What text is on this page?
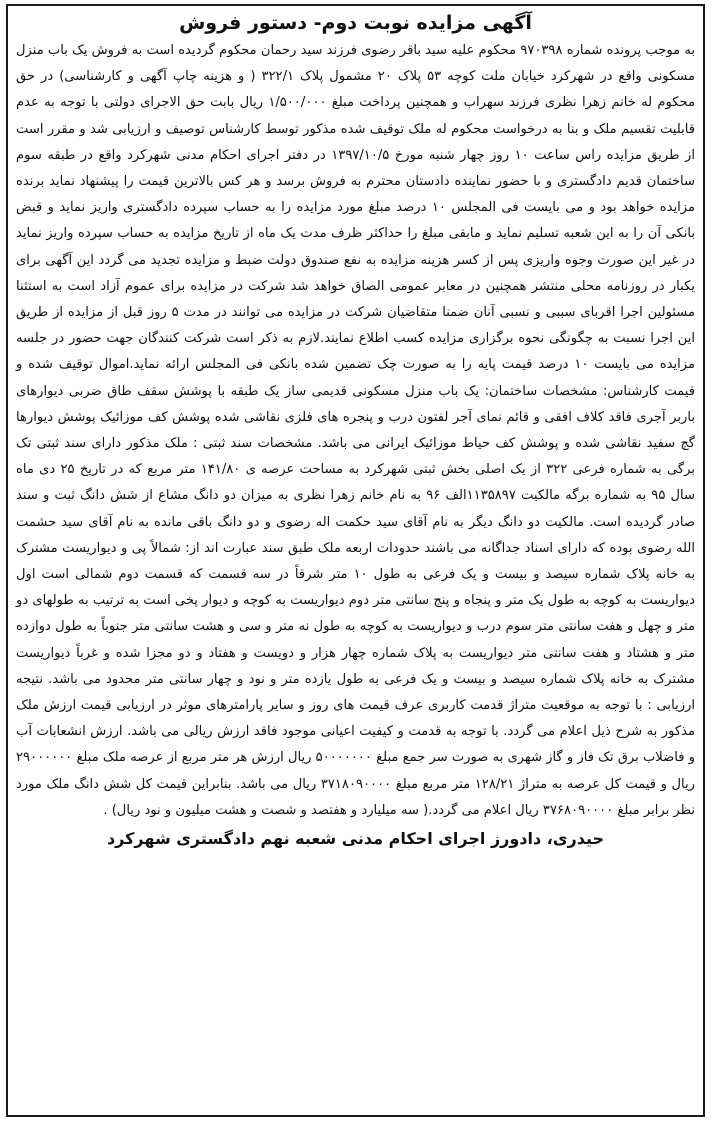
آگهی مزایده نوبت دوم- دستور فروش

به موجب پرونده شماره ۹۷۰۳۹۸ محکوم علیه سید باقر رضوی فرزند سید رحمان محکوم گردیده است به فروش یک باب منزل مسکونی واقع در شهرکرد خیابان ملت کوچه ۵۳ پلاک ۲۰ مشمول پلاک ۳۲۲/۱ ( و هزینه چاپ آگهی و کارشناسی) در حق محکوم له خانم زهرا نظری فرزند سهراب و همچنین پرداخت مبلغ ۱/۵۰۰/۰۰۰ ریال بابت حق الاجرای دولتی با توجه به عدم قابلیت تقسیم ملک و بنا به درخواست محکوم له ملک توقیف شده مذکور توسط کارشناس توصیف و ارزیابی شد و مقرر است از طریق مزایده راس ساعت ۱۰ روز چهار شنبه مورخ ۱۳۹۷/۱۰/۵ در دفتر اجرای احکام مدنی شهرکرد واقع در طبقه سوم ساختمان قدیم دادگستری و با حضور نماینده دادستان محترم به فروش برسد و هر کس بالاترین قیمت را پیشنهاد نماید برنده مزایده خواهد بود و می بایست فی المجلس ۱۰ درصد مبلغ مورد مزایده را به حساب سپرده دادگستری واریز نماید و قبض بانکی آن را به این شعبه تسلیم نماید و مابقی مبلغ را حداکثر ظرف مدت یک ماه از تاریخ مزایده به حساب سپرده واریز نماید در غیر این صورت وجوه واریزی پس از کسر هزینه مزایده به نفع صندوق دولت ضبط و مزایده تجدید می گردد این آگهی برای یکبار در روزنامه محلی منتشر همچنین در معابر عمومی الصاق خواهد شد شرکت در مزایده برای عموم آزاد است به استثنا مسئولین اجرا اقربای سببی و نسبی آنان ضمنا متقاضیان شرکت در مزایده می توانند در مدت ۵ روز قبل از مزایده از طریق این اجرا نسبت به چگونگی نحوه برگزاری مزایده کسب اطلاع نمایند.لازم به ذکر است شرکت کنندگان جهت حضور در جلسه مزایده می بایست ۱۰ درصد قیمت پایه را به صورت چک تضمین شده بانکی فی المجلس ارائه نماید.اموال توقیف شده و قیمت کارشناس: مشخصات ساختمان: یک باب منزل مسکونی قدیمی ساز یک طبقه با پوشش سقف طاق ضربی دیوارهای باربر آجری فاقد کلاف افقی و قائم نمای آجر لفتون درب و پنجره های فلزی نقاشی شده پوشش کف موزائیک پوشش دیوارها گچ سفید نقاشی شده و پوشش کف حیاط موزائیک ایرانی می باشد. مشخصات سند ثبتی : ملک مذکور دارای سند ثبتی تک برگی به شماره فرعی ۳۲۲ از یک اصلی بخش ثبتی شهرکرد به مساحت عرصه ی ۱۴۱/۸۰ متر مربع که در تاریخ ۲۵ دی ماه سال ۹۵ به شماره برگه مالکیت ۱۱۳۵۸۹۷الف ۹۶ به نام خانم زهرا نظری به میزان دو دانگ مشاع از شش دانگ ثبت و سند صادر گردیده است. مالکیت دو دانگ دیگر به نام آقای سید حکمت اله رضوی و دو دانگ باقی مانده به نام آقای سید حشمت الله رضوی بوده که دارای اسناد جداگانه می باشند حدودات اربعه ملک طبق سند عبارت اند از: شمالاً پی و دیواریست مشترک به خانه پلاک شماره سیصد و بیست و یک فرعی به طول ۱۰ متر شرقاً در سه قسمت که قسمت دوم شمالی است اول دیواریست به کوچه به طول یک متر و پنجاه و پنج سانتی متر دوم دیواریست به کوچه و دیوار پخی است به ترتیب به طولهای دو متر و چهل و هفت سانتی متر سوم درب و دیواریست به کوچه به طول نه متر و سی و هشت سانتی متر جنوباً به طول دوازده متر و هشتاد و هفت سانتی متر دیواریست به پلاک شماره چهار هزار و دویست و هفتاد و دو مجزا شده و غرباً دیواریست مشترک به خانه پلاک شماره سیصد و بیست و یک فرعی به طول یازده متر و نود و چهار سانتی متر محدود می باشد. نتیجه ارزیابی : با توجه به موقعیت متراژ قدمت کاربری عرف قیمت های روز و سایر پارامترهای موثر در ارزیابی قیمت ارزش ملک مذکور به شرح ذیل اعلام می گردد. با توجه به قدمت و کیفیت اعیانی موجود فاقد ارزش ریالی می باشد. ارزش انشعابات آب و فاضلاب برق تک فاز و گاز شهری به صورت سر جمع مبلغ ۵۰۰۰۰۰۰۰ ریال ارزش هر متر مربع از عرصه ملک مبلغ ۲۹۰۰۰۰۰۰ ریال و قیمت کل عرصه به متراژ ۱۲۸/۲۱ متر مربع مبلغ ۳۷۱۸۰۹۰۰۰۰ ریال می باشد. بنابراین قیمت کل شش دانگ ملک مورد نظر برابر مبلغ ۳۷۶۸۰۹۰۰۰۰ ریال اعلام می گردد.( سه میلیارد و هفتصد و شصت و هشت میلیون و نود ریال) .

حیدری، دادورز اجرای احکام مدنی شعبه نهم دادگستری شهرکرد
